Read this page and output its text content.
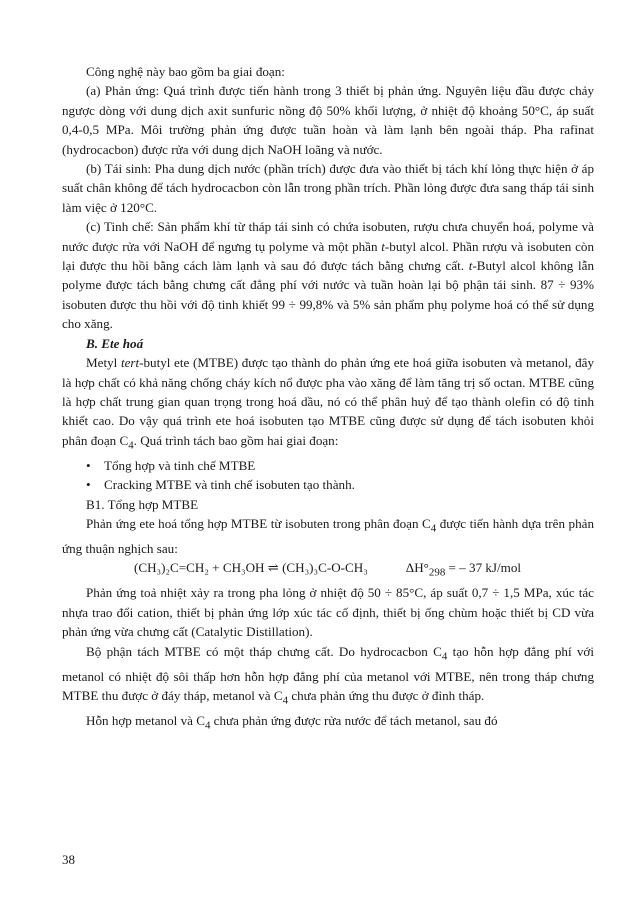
Công nghệ này bao gồm ba giai đoạn:

(a) Phản ứng: Quá trình được tiến hành trong 3 thiết bị phản ứng. Nguyên liệu đầu được chảy ngược dòng với dung dịch axit sunfuric nồng độ 50% khối lượng, ở nhiệt độ khoảng 50°C, áp suất 0,4-0,5 MPa. Môi trường phản ứng được tuần hoàn và làm lạnh bên ngoài tháp. Pha rafinat (hydrocacbon) được rửa với dung dịch NaOH loãng và nước.

(b) Tái sinh: Pha dung dịch nước (phần trích) được đưa vào thiết bị tách khí lỏng thực hiện ở áp suất chân không để tách hydrocacbon còn lẫn trong phần trích. Phần lỏng được đưa sang tháp tái sinh làm việc ở 120°C.

(c) Tinh chế: Sản phẩm khí từ tháp tái sinh có chứa isobuten, rượu chưa chuyển hoá, polyme và nước được rửa với NaOH để ngưng tụ polyme và một phần t-butyl alcol. Phần rượu và isobuten còn lại được thu hồi bằng cách làm lạnh và sau đó được tách bằng chưng cất. t-Butyl alcol không lẫn polyme được tách bằng chưng cất đẳng phí với nước và tuần hoàn lại bộ phận tái sinh. 87 ÷ 93% isobuten được thu hồi với độ tinh khiết 99 ÷ 99,8% và 5% sản phẩm phụ polyme hoá có thể sử dụng cho xăng.

B. Ete hoá

Metyl tert-butyl ete (MTBE) được tạo thành do phản ứng ete hoá giữa isobuten và metanol, đây là hợp chất có khả năng chống cháy kích nổ được pha vào xăng để làm tăng trị số octan. MTBE cũng là hợp chất trung gian quan trọng trong hoá dầu, nó có thể phân huỷ để tạo thành olefin có độ tinh khiết cao. Do vậy quá trình ete hoá isobuten tạo MTBE cũng được sử dụng để tách isobuten khỏi phân đoạn $C_4$. Quá trình tách bao gồm hai giai đoạn:

• Tổng hợp và tinh chế MTBE
• Cracking MTBE và tinh chế isobuten tạo thành.

B1. Tổng hợp MTBE

Phản ứng ete hoá tổng hợp MTBE từ isobuten trong phân đoạn $C_4$ được tiến hành dựa trên phản ứng thuận nghịch sau:

(CH₃)₂C=CH₂ + CH₃OH ⇌ (CH₃)₃C-O-CH₃	$\Delta H^\circ_{298}$ = – 37 kJ/mol

Phản ứng toả nhiệt xảy ra trong pha lỏng ở nhiệt độ 50 ÷ 85°C, áp suất 0,7 ÷ 1,5 MPa, xúc tác nhựa trao đổi cation, thiết bị phản ứng lớp xúc tác cố định, thiết bị ống chùm hoặc thiết bị CD vừa phản ứng vừa chưng cất (Catalytic Distillation).

Bộ phận tách MTBE có một tháp chưng cất. Do hydrocacbon $C_4$ tạo hỗn hợp đẳng phí với metanol có nhiệt độ sôi thấp hơn hỗn hợp đẳng phí của metanol với MTBE, nên trong tháp chưng MTBE thu được ở đáy tháp, metanol và $C_4$ chưa phản ứng thu được ở đỉnh tháp.

Hỗn hợp metanol và $C_4$ chưa phản ứng được rửa nước để tách metanol, sau đó

38
